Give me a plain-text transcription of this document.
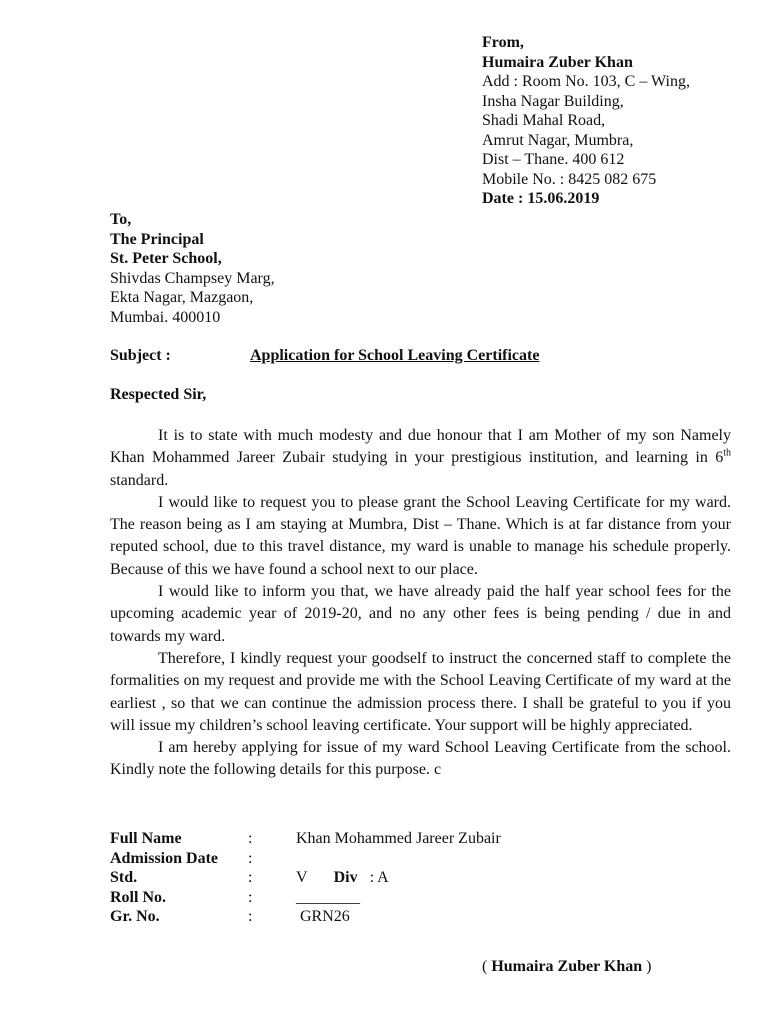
From,
Humaira Zuber Khan
Add : Room No. 103, C – Wing,
Insha Nagar Building,
Shadi Mahal Road,
Amrut Nagar, Mumbra,
Dist – Thane. 400 612
Mobile No. : 8425 082 675
Date : 15.06.2019
To,
The Principal
St. Peter School,
Shivdas Champsey Marg,
Ekta Nagar, Mazgaon,
Mumbai. 400010
Subject :	Application for School Leaving Certificate
Respected Sir,

It is to state with much modesty and due honour that I am Mother of my son Namely Khan Mohammed Jareer Zubair studying in your prestigious institution, and learning in 6th standard.

I would like to request you to please grant the School Leaving Certificate for my ward. The reason being as I am staying at Mumbra, Dist – Thane. Which is at far distance from your reputed school, due to this travel distance, my ward is unable to manage his schedule properly. Because of this we have found a school next to our place.

I would like to inform you that, we have already paid the half year school fees for the upcoming academic year of 2019-20, and no any other fees is being pending / due in and towards my ward.

Therefore, I kindly request your goodself to instruct the concerned staff to complete the formalities on my request and provide me with the School Leaving Certificate of my ward at the earliest , so that we can continue the admission process there. I shall be grateful to you if you will issue my children’s school leaving certificate. Your support will be highly appreciated.

I am hereby applying for issue of my ward School Leaving Certificate from the school. Kindly note the following details for this purpose. c

Full Name	:	Khan Mohammed Jareer Zubair
Admission Date	:
Std.	:	V Div : A
Roll No.	:	________
Gr. No.	:	GRN26
( Humaira Zuber Khan )
